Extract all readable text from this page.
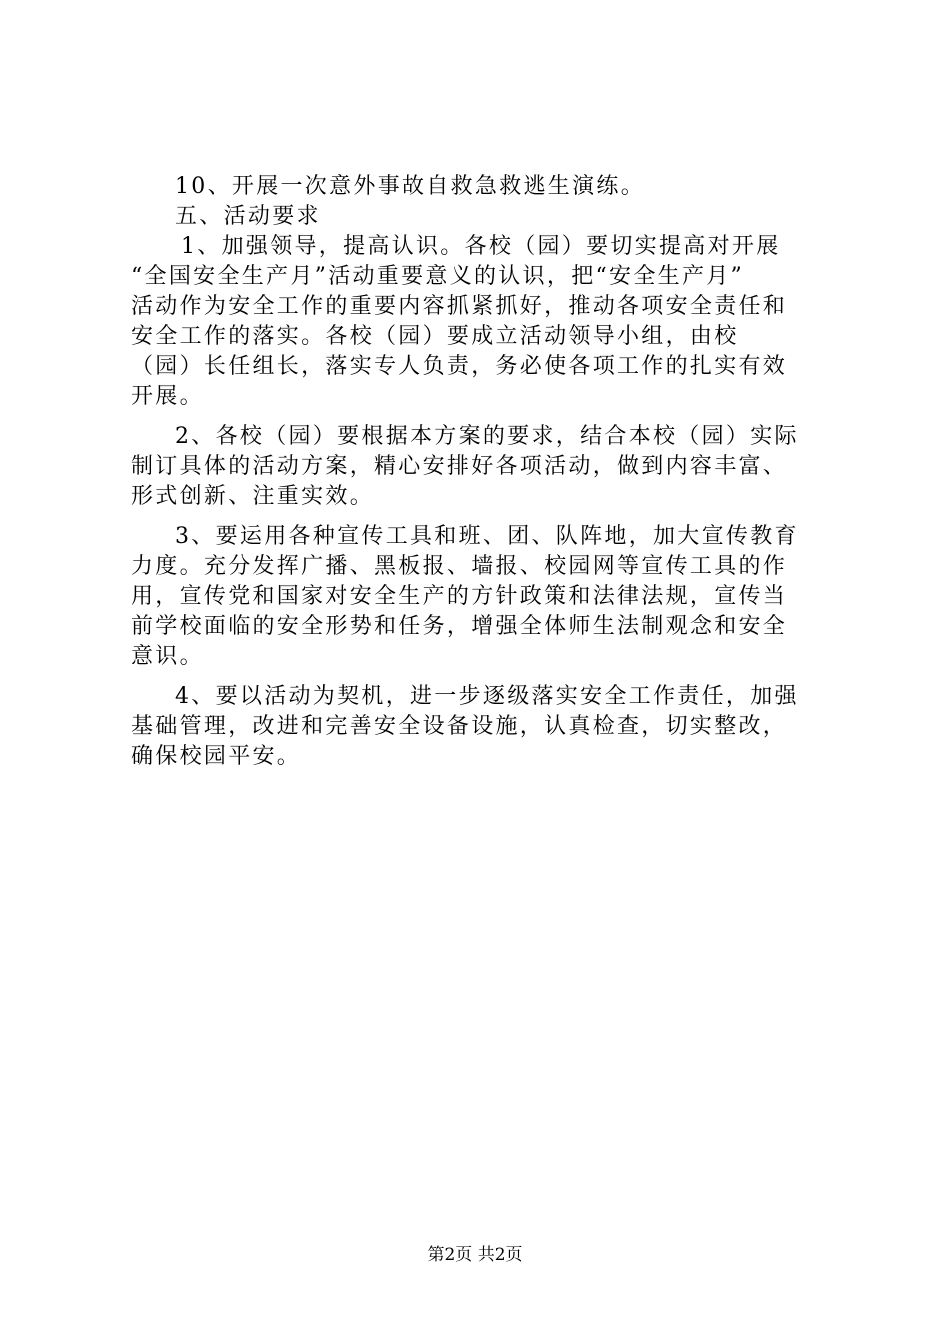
10、开展一次意外事故自救急救逃生演练。
五、活动要求
1、加强领导，提高认识。各校（园）要切实提高对开展
“全国安全生产月”活动重要意义的认识，把“安全生产月”
活动作为安全工作的重要内容抓紧抓好，推动各项安全责任和
安全工作的落实。各校（园）要成立活动领导小组，由校
（园）长任组长，落实专人负责，务必使各项工作的扎实有效
开展。
2、各校（园）要根据本方案的要求，结合本校（园）实际
制订具体的活动方案，精心安排好各项活动，做到内容丰富、
形式创新、注重实效。
3、要运用各种宣传工具和班、团、队阵地，加大宣传教育
力度。充分发挥广播、黑板报、墙报、校园网等宣传工具的作
用，宣传党和国家对安全生产的方针政策和法律法规，宣传当
前学校面临的安全形势和任务，增强全体师生法制观念和安全
意识。
4、要以活动为契机，进一步逐级落实安全工作责任，加强
基础管理，改进和完善安全设备设施，认真检查，切实整改，
确保校园平安。
第2页 共2页
